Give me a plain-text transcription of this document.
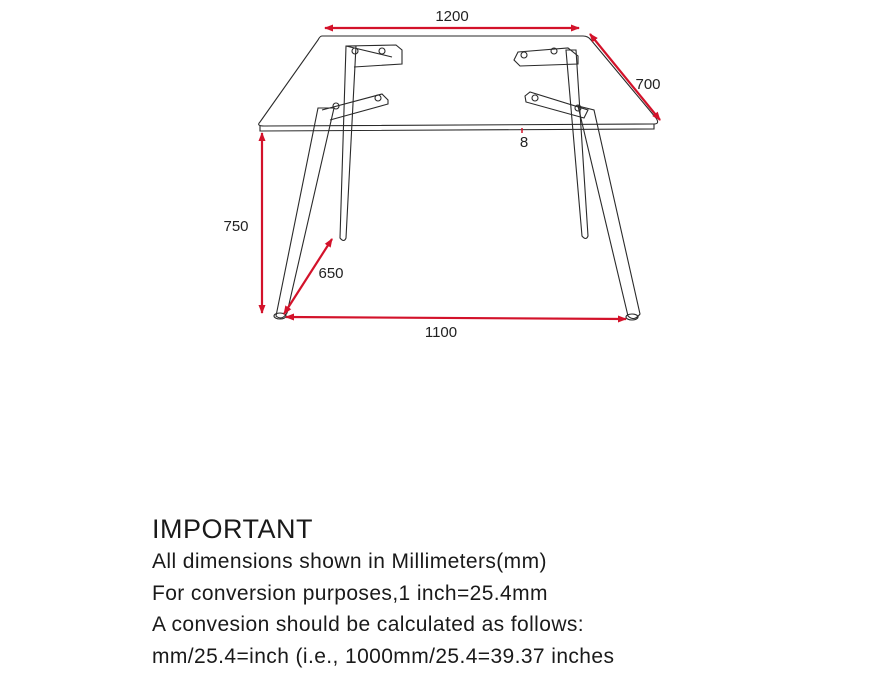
1200
700
8
750
650
1100

IMPORTANT

All dimensions shown in Millimeters(mm)

For conversion purposes,1 inch=25.4mm

A convesion should be calculated as follows:

mm/25.4=inch (i.e., 1000mm/25.4=39.37 inches
